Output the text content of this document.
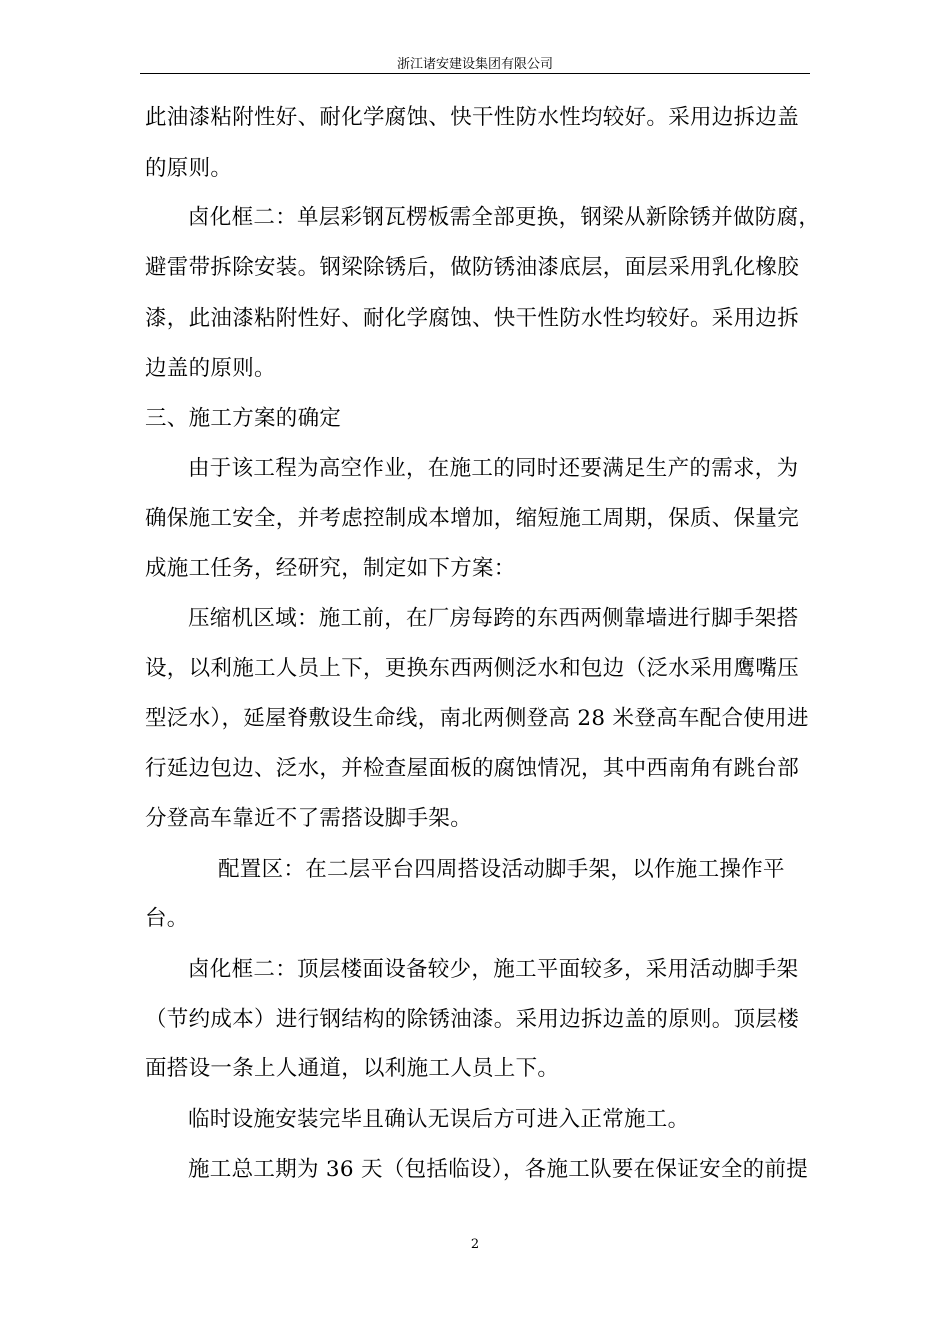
浙江诸安建设集团有限公司
此油漆粘附性好、耐化学腐蚀、快干性防水性均较好。采用边拆边盖
的原则。
卤化框二：单层彩钢瓦楞板需全部更换，钢梁从新除锈并做防腐，
避雷带拆除安装。钢梁除锈后，做防锈油漆底层，面层采用乳化橡胶
漆，此油漆粘附性好、耐化学腐蚀、快干性防水性均较好。采用边拆
边盖的原则。
三、施工方案的确定
由于该工程为高空作业，在施工的同时还要满足生产的需求，为
确保施工安全，并考虑控制成本增加，缩短施工周期，保质、保量完
成施工任务，经研究，制定如下方案：
压缩机区域：施工前，在厂房每跨的东西两侧靠墙进行脚手架搭
设，以利施工人员上下，更换东西两侧泛水和包边（泛水采用鹰嘴压
型泛水），延屋脊敷设生命线，南北两侧登高 28 米登高车配合使用进
行延边包边、泛水，并检查屋面板的腐蚀情况，其中西南角有跳台部
分登高车靠近不了需搭设脚手架。
配置区：在二层平台四周搭设活动脚手架，以作施工操作平
台。
卤化框二：顶层楼面设备较少，施工平面较多，采用活动脚手架
（节约成本）进行钢结构的除锈油漆。采用边拆边盖的原则。顶层楼
面搭设一条上人通道，以利施工人员上下。
临时设施安装完毕且确认无误后方可进入正常施工。
施工总工期为 36 天（包括临设），各施工队要在保证安全的前提
2
